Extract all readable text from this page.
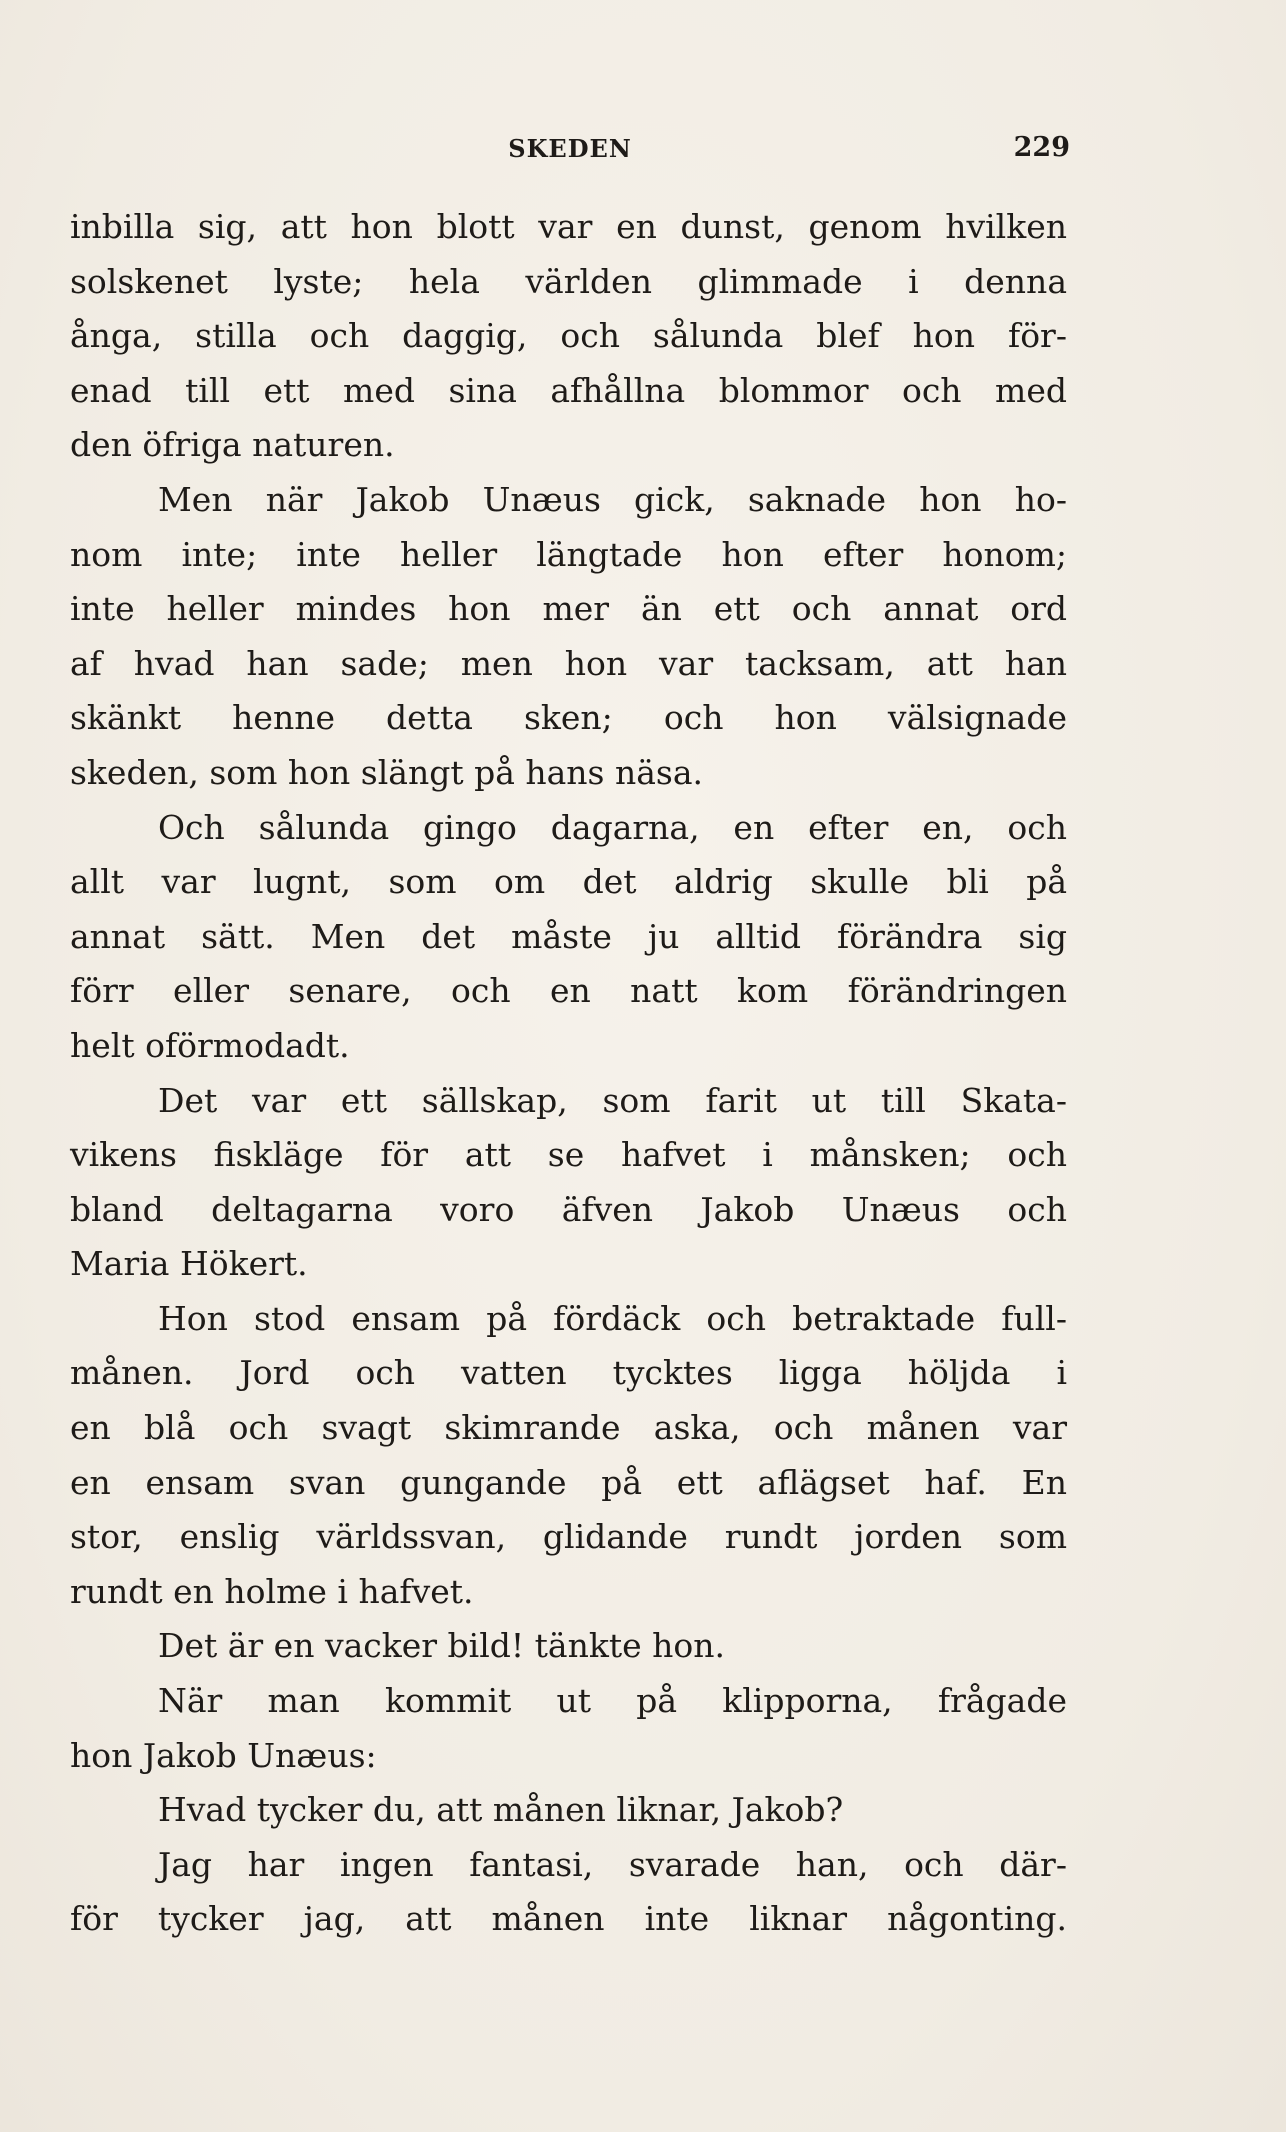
SKEDEN	229
inbilla sig, att hon blott var en dunst, genom hvilken
solskenet lyste; hela världen glimmade i denna
ånga, stilla och daggig, och sålunda blef hon för-
enad till ett med sina afhållna blommor och med
den öfriga naturen.
Men när Jakob Unæus gick, saknade hon ho-
nom inte; inte heller längtade hon efter honom;
inte heller mindes hon mer än ett och annat ord
af hvad han sade; men hon var tacksam, att han
skänkt henne detta sken; och hon välsignade
skeden, som hon slängt på hans näsa.
Och sålunda gingo dagarna, en efter en, och
allt var lugnt, som om det aldrig skulle bli på
annat sätt. Men det måste ju alltid förändra sig
förr eller senare, och en natt kom förändringen
helt oförmodadt.
Det var ett sällskap, som farit ut till Skata-
vikens fiskläge för att se hafvet i månsken; och
bland deltagarna voro äfven Jakob Unæus och
Maria Hökert.
Hon stod ensam på fördäck och betraktade full-
månen. Jord och vatten tycktes ligga höljda i
en blå och svagt skimrande aska, och månen var
en ensam svan gungande på ett aflägset haf. En
stor, enslig världssvan, glidande rundt jorden som
rundt en holme i hafvet.
Det är en vacker bild! tänkte hon.
När man kommit ut på klipporna, frågade
hon Jakob Unæus:
Hvad tycker du, att månen liknar, Jakob?
Jag har ingen fantasi, svarade han, och där-
för tycker jag, att månen inte liknar någonting.
